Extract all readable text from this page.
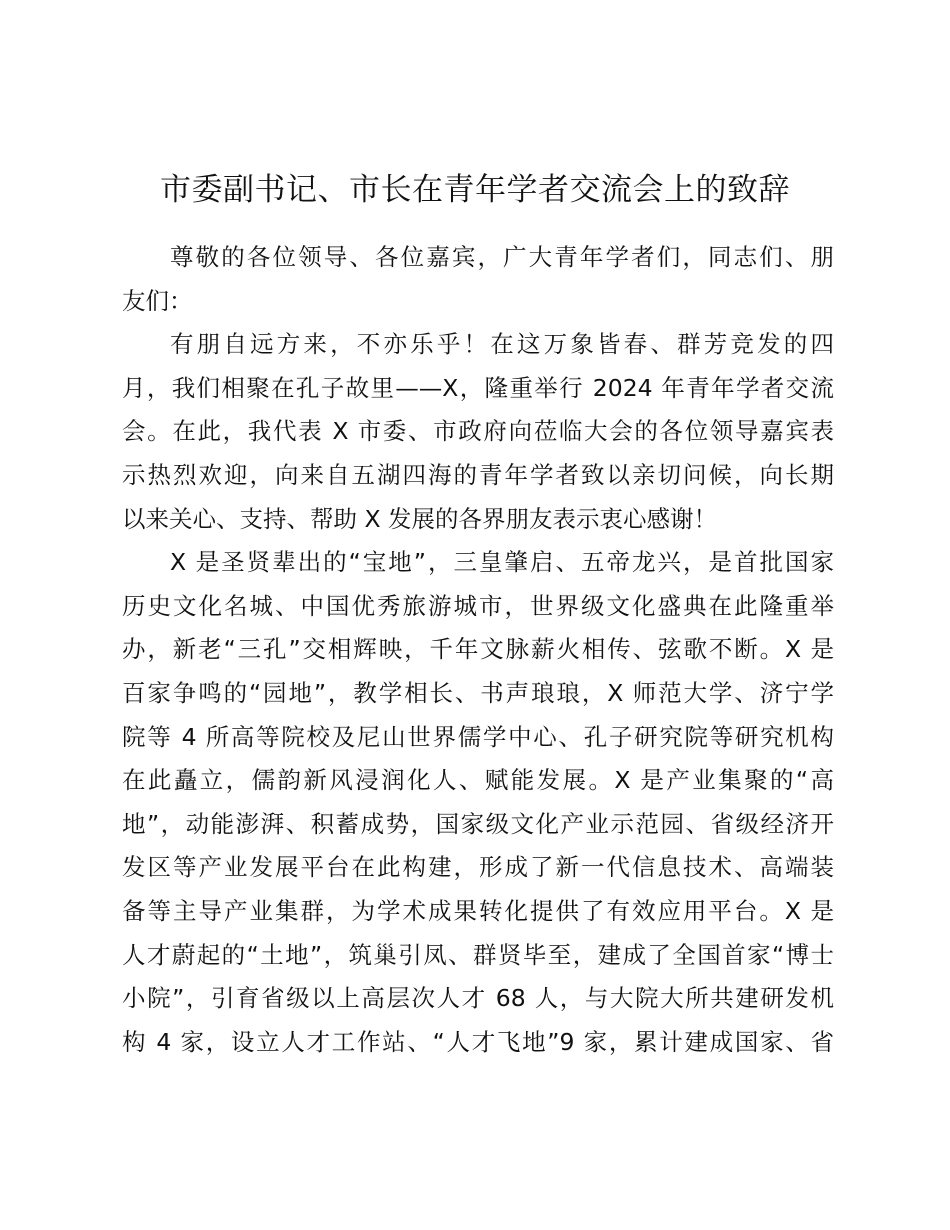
市委副书记、市长在青年学者交流会上的致辞
尊敬的各位领导、各位嘉宾，广大青年学者们，同志们、朋
友们：
有朋自远方来，不亦乐乎！在这万象皆春、群芳竞发的四
月，我们相聚在孔子故里——X，隆重举行 2024 年青年学者交流
会。在此，我代表 X 市委、市政府向莅临大会的各位领导嘉宾表
示热烈欢迎，向来自五湖四海的青年学者致以亲切问候，向长期
以来关心、支持、帮助 X 发展的各界朋友表示衷心感谢！
X 是圣贤辈出的“宝地”，三皇肇启、五帝龙兴，是首批国家
历史文化名城、中国优秀旅游城市，世界级文化盛典在此隆重举
办，新老“三孔”交相辉映，千年文脉薪火相传、弦歌不断。X 是
百家争鸣的“园地”，教学相长、书声琅琅，X 师范大学、济宁学
院等 4 所高等院校及尼山世界儒学中心、孔子研究院等研究机构
在此矗立，儒韵新风浸润化人、赋能发展。X 是产业集聚的“高
地”，动能澎湃、积蓄成势，国家级文化产业示范园、省级经济开
发区等产业发展平台在此构建，形成了新一代信息技术、高端装
备等主导产业集群，为学术成果转化提供了有效应用平台。X 是
人才蔚起的“土地”，筑巢引凤、群贤毕至，建成了全国首家“博士
小院”，引育省级以上高层次人才 68 人，与大院大所共建研发机
构 4 家，设立人才工作站、“人才飞地”9 家，累计建成国家、省
